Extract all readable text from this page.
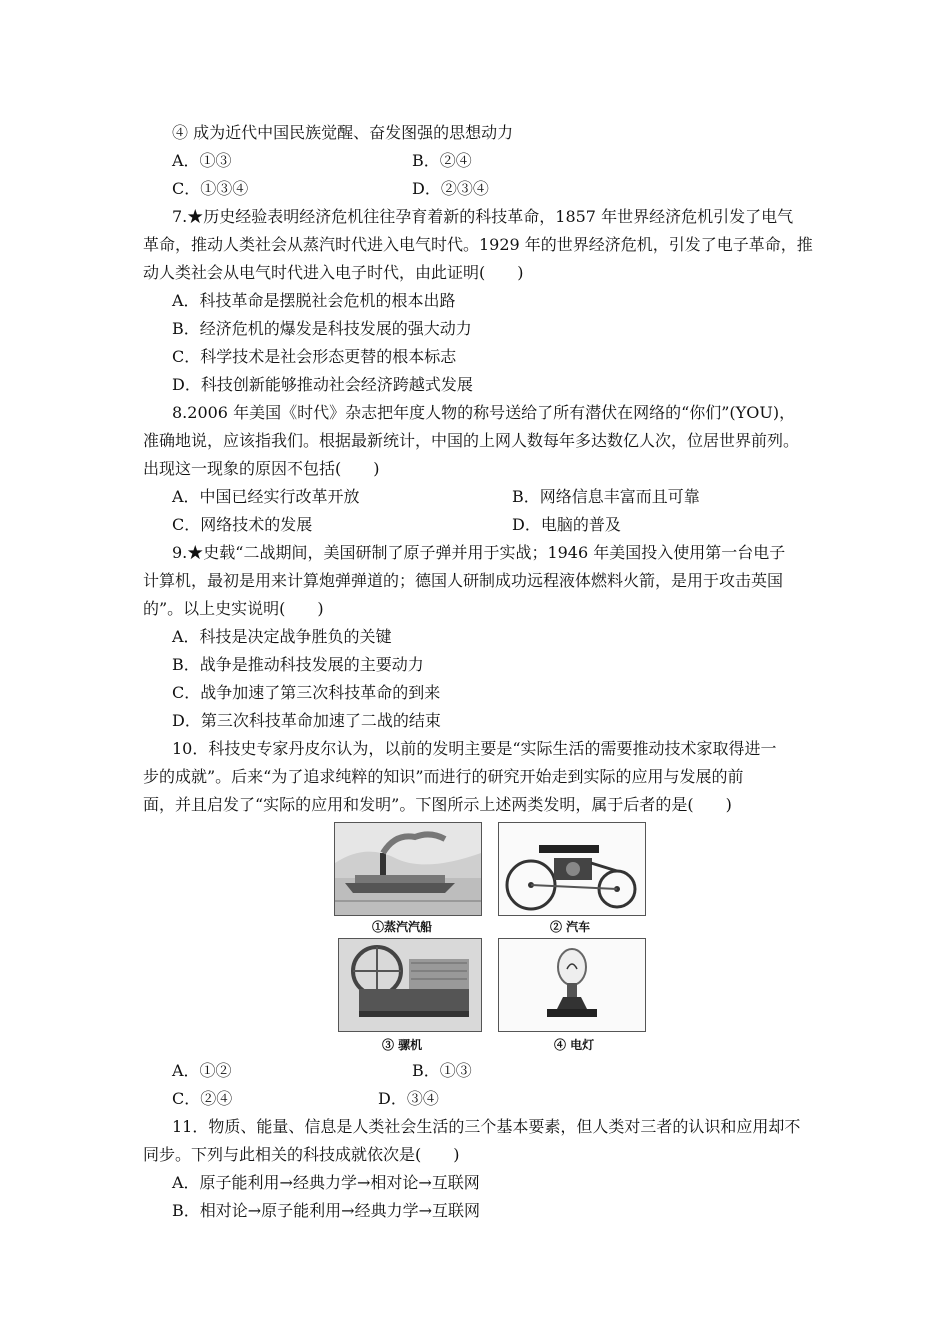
④ 成为近代中国民族觉醒、奋发图强的思想动力
A．①③	B．②④
C．①③④	D．②③④
7.★历史经验表明经济危机往往孕育着新的科技革命，1857 年世界经济危机引发了电气
革命，推动人类社会从蒸汽时代进入电气时代。1929 年的世界经济危机，引发了电子革命，推
动人类社会从电气时代进入电子时代，由此证明(　　)
A．科技革命是摆脱社会危机的根本出路
B．经济危机的爆发是科技发展的强大动力
C．科学技术是社会形态更替的根本标志
D．科技创新能够推动社会经济跨越式发展
8.2006 年美国《时代》杂志把年度人物的称号送给了所有潜伏在网络的“你们”(YOU)，
准确地说，应该指我们。根据最新统计，中国的上网人数每年多达数亿人次，位居世界前列。
出现这一现象的原因不包括(　　)
A．中国已经实行改革开放	B．网络信息丰富而且可靠
C．网络技术的发展	D．电脑的普及
9.★史载“二战期间，美国研制了原子弹并用于实战；1946 年美国投入使用第一台电子
计算机，最初是用来计算炮弹弹道的；德国人研制成功远程液体燃料火箭，是用于攻击英国
的”。以上史实说明(　　)
A．科技是决定战争胜负的关键
B．战争是推动科技发展的主要动力
C．战争加速了第三次科技革命的到来
D．第三次科技革命加速了二战的结束
10．科技史专家丹皮尔认为，以前的发明主要是“实际生活的需要推动技术家取得进一
步的成就”。后来“为了追求纯粹的知识”而进行的研究开始走到实际的应用与发展的前
面，并且启发了“实际的应用和发明”。下图所示上述两类发明，属于后者的是(　　)
①蒸汽汽船	② 汽车
③ 骡机	④ 电灯
A．①②	B．①③
C．②④	D．③④
11．物质、能量、信息是人类社会生活的三个基本要素，但人类对三者的认识和应用却不
同步。下列与此相关的科技成就依次是(　　)
A．原子能利用→经典力学→相对论→互联网
B．相对论→原子能利用→经典力学→互联网
